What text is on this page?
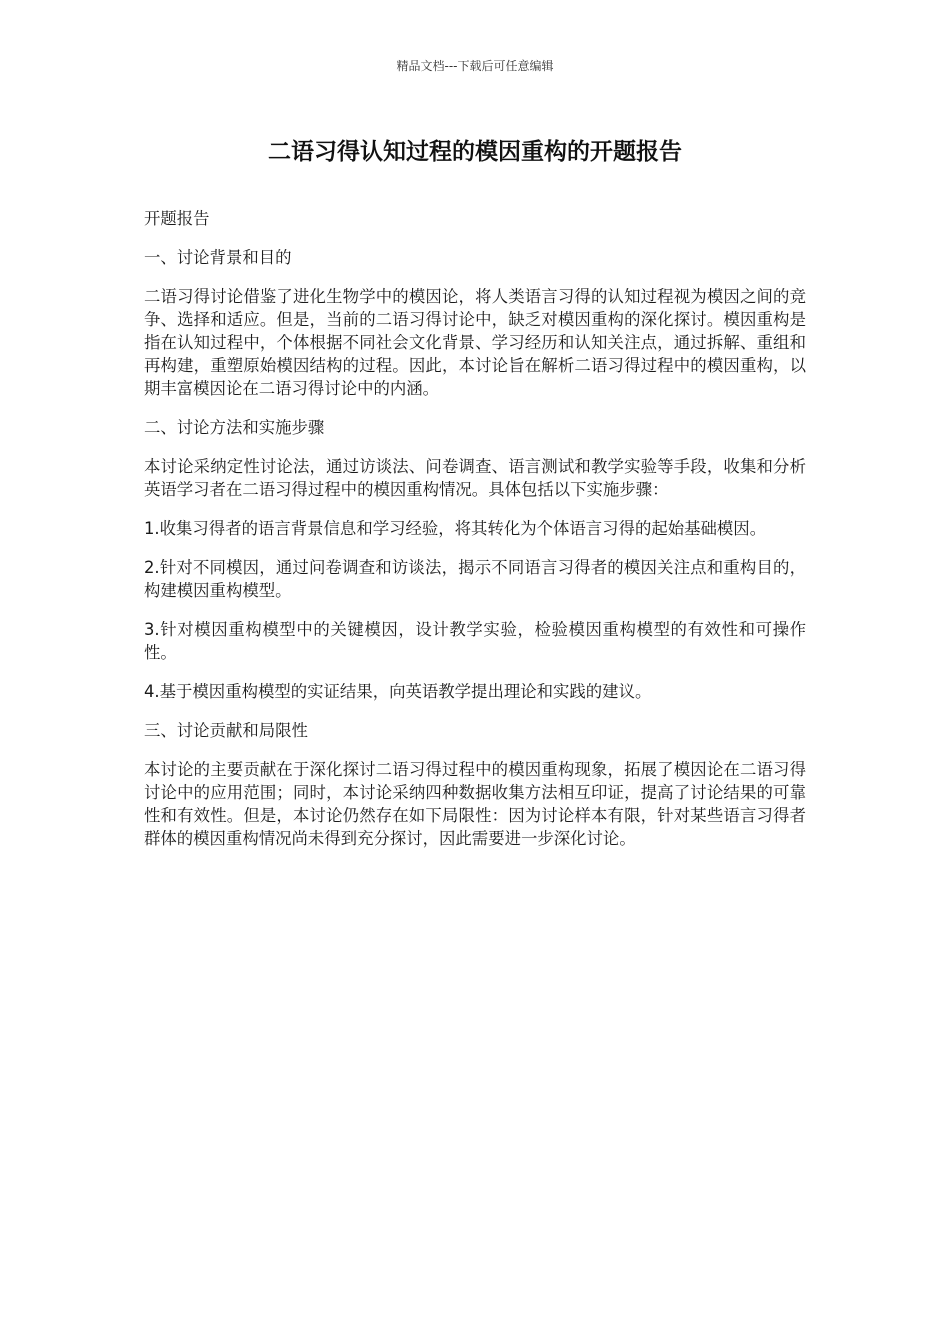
精品文档---下载后可任意编辑
二语习得认知过程的模因重构的开题报告

开题报告

一、讨论背景和目的

二语习得讨论借鉴了进化生物学中的模因论，将人类语言习得的认知过程视为模因之间的竞争、选择和适应。但是，当前的二语习得讨论中，缺乏对模因重构的深化探讨。模因重构是指在认知过程中，个体根据不同社会文化背景、学习经历和认知关注点，通过拆解、重组和再构建，重塑原始模因结构的过程。因此，本讨论旨在解析二语习得过程中的模因重构，以期丰富模因论在二语习得讨论中的内涵。

二、讨论方法和实施步骤

本讨论采纳定性讨论法，通过访谈法、问卷调查、语言测试和教学实验等手段，收集和分析英语学习者在二语习得过程中的模因重构情况。具体包括以下实施步骤：

1.收集习得者的语言背景信息和学习经验，将其转化为个体语言习得的起始基础模因。

2.针对不同模因，通过问卷调查和访谈法，揭示不同语言习得者的模因关注点和重构目的，构建模因重构模型。

3.针对模因重构模型中的关键模因，设计教学实验，检验模因重构模型的有效性和可操作性。

4.基于模因重构模型的实证结果，向英语教学提出理论和实践的建议。

三、讨论贡献和局限性

本讨论的主要贡献在于深化探讨二语习得过程中的模因重构现象，拓展了模因论在二语习得讨论中的应用范围；同时，本讨论采纳四种数据收集方法相互印证，提高了讨论结果的可靠性和有效性。但是，本讨论仍然存在如下局限性：因为讨论样本有限，针对某些语言习得者群体的模因重构情况尚未得到充分探讨，因此需要进一步深化讨论。
